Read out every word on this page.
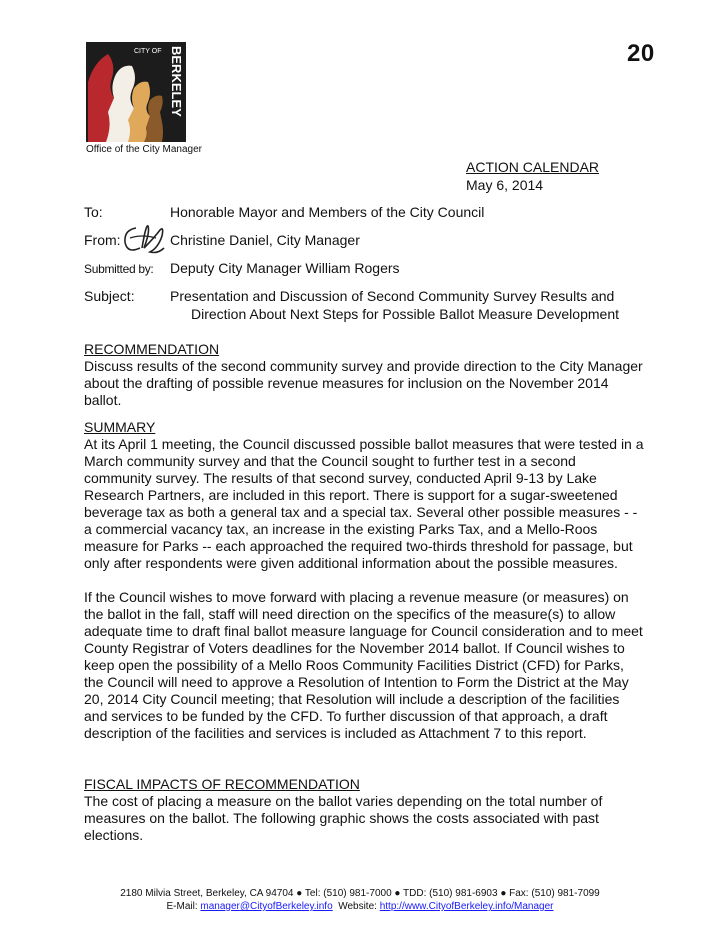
20
CITY OF BERKELEY
Office of the City Manager
ACTION CALENDAR
May 6, 2014
To:	Honorable Mayor and Members of the City Council
From:	Christine Daniel, City Manager
Submitted by: Deputy City Manager William Rogers
Subject:	Presentation and Discussion of Second Community Survey Results and
Direction About Next Steps for Possible Ballot Measure Development
RECOMMENDATION

Discuss results of the second community survey and provide direction to the City Manager about the drafting of possible revenue measures for inclusion on the November 2014 ballot.

SUMMARY

At its April 1 meeting, the Council discussed possible ballot measures that were tested in a March community survey and that the Council sought to further test in a second community survey. The results of that second survey, conducted April 9-13 by Lake Research Partners, are included in this report. There is support for a sugar-sweetened beverage tax as both a general tax and a special tax. Several other possible measures - - a commercial vacancy tax, an increase in the existing Parks Tax, and a Mello-Roos measure for Parks -- each approached the required two-thirds threshold for passage, but only after respondents were given additional information about the possible measures.

If the Council wishes to move forward with placing a revenue measure (or measures) on the ballot in the fall, staff will need direction on the specifics of the measure(s) to allow adequate time to draft final ballot measure language for Council consideration and to meet County Registrar of Voters deadlines for the November 2014 ballot. If Council wishes to keep open the possibility of a Mello Roos Community Facilities District (CFD) for Parks, the Council will need to approve a Resolution of Intention to Form the District at the May 20, 2014 City Council meeting; that Resolution will include a description of the facilities and services to be funded by the CFD. To further discussion of that approach, a draft description of the facilities and services is included as Attachment 7 to this report.

FISCAL IMPACTS OF RECOMMENDATION

The cost of placing a measure on the ballot varies depending on the total number of measures on the ballot. The following graphic shows the costs associated with past elections.

2180 Milvia Street, Berkeley, CA 94704 ● Tel: (510) 981-7000 ● TDD: (510) 981-6903 ● Fax: (510) 981-7099
E-Mail: manager@CityofBerkeley.info Website: http://www.CityofBerkeley.info/Manager
